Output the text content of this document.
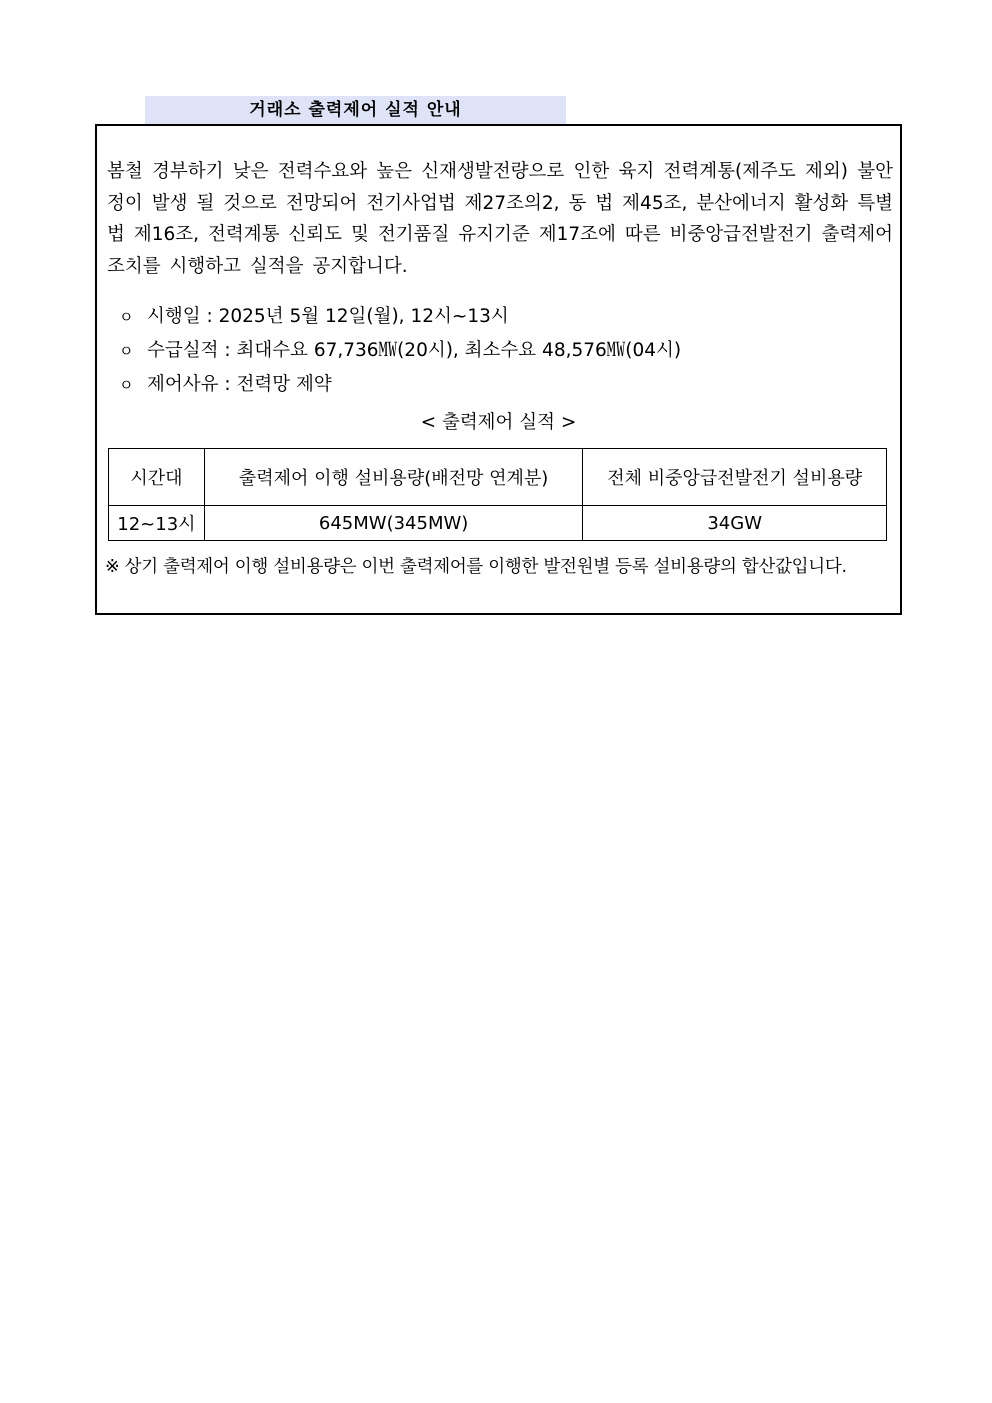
거래소 출력제어 실적 안내

봄철 경부하기 낮은 전력수요와 높은 신재생발전량으로 인한 육지 전력계통(제주도 제외) 불안정이 발생 될 것으로 전망되어 전기사업법 제27조의2, 동 법 제45조, 분산에너지 활성화 특별법 제16조, 전력계통 신뢰도 및 전기품질 유지기준 제17조에 따른 비중앙급전발전기 출력제어 조치를 시행하고 실적을 공지합니다.

ㅇ 시행일 : 2025년 5월 12일(월), 12시~13시
ㅇ 수급실적 : 최대수요 67,736㎿(20시), 최소수요 48,576㎿(04시)
ㅇ 제어사유 : 전력망 제약
< 출력제어 실적 >
시간대	출력제어 이행 설비용량(배전망 연계분)	전체 비중앙급전발전기 설비용량
12~13시	645MW(345MW)	34GW

※ 상기 출력제어 이행 설비용량은 이번 출력제어를 이행한 발전원별 등록 설비용량의 합산값입니다.
